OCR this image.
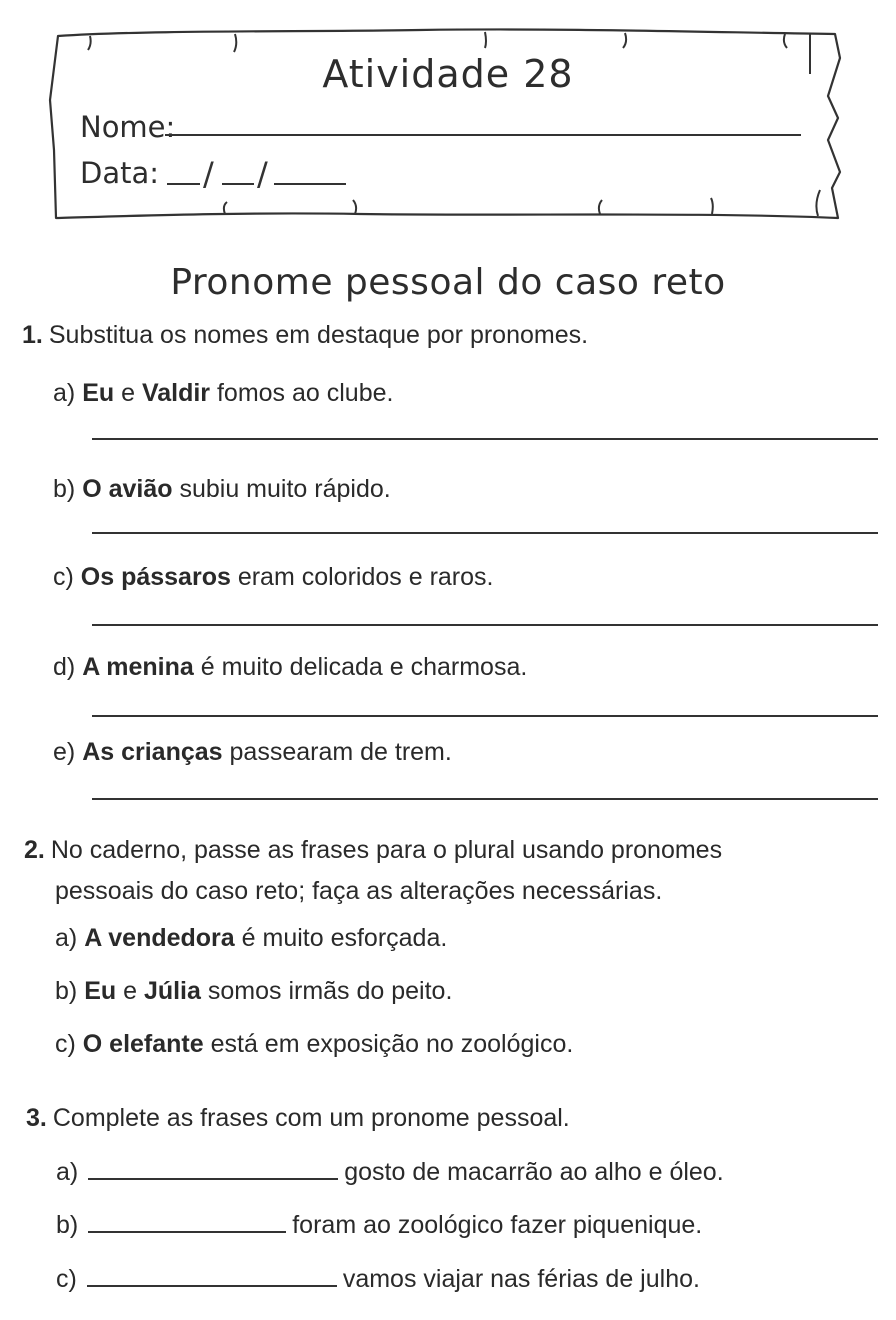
Atividade 28
Nome:
Data: / /
Pronome pessoal do caso reto
1. Substitua os nomes em destaque por pronomes.
a) Eu e Valdir fomos ao clube.
b) O avião subiu muito rápido.
c) Os pássaros eram coloridos e raros.
d) A menina é muito delicada e charmosa.
e) As crianças passearam de trem.
2. No caderno, passe as frases para o plural usando pronomes
pessoais do caso reto; faça as alterações necessárias.
a) A vendedora é muito esforçada.
b) Eu e Júlia somos irmãs do peito.
c) O elefante está em exposição no zoológico.
3. Complete as frases com um pronome pessoal.
a)	gosto de macarrão ao alho e óleo.
b)	foram ao zoológico fazer piquenique.
c)	vamos viajar nas férias de julho.
